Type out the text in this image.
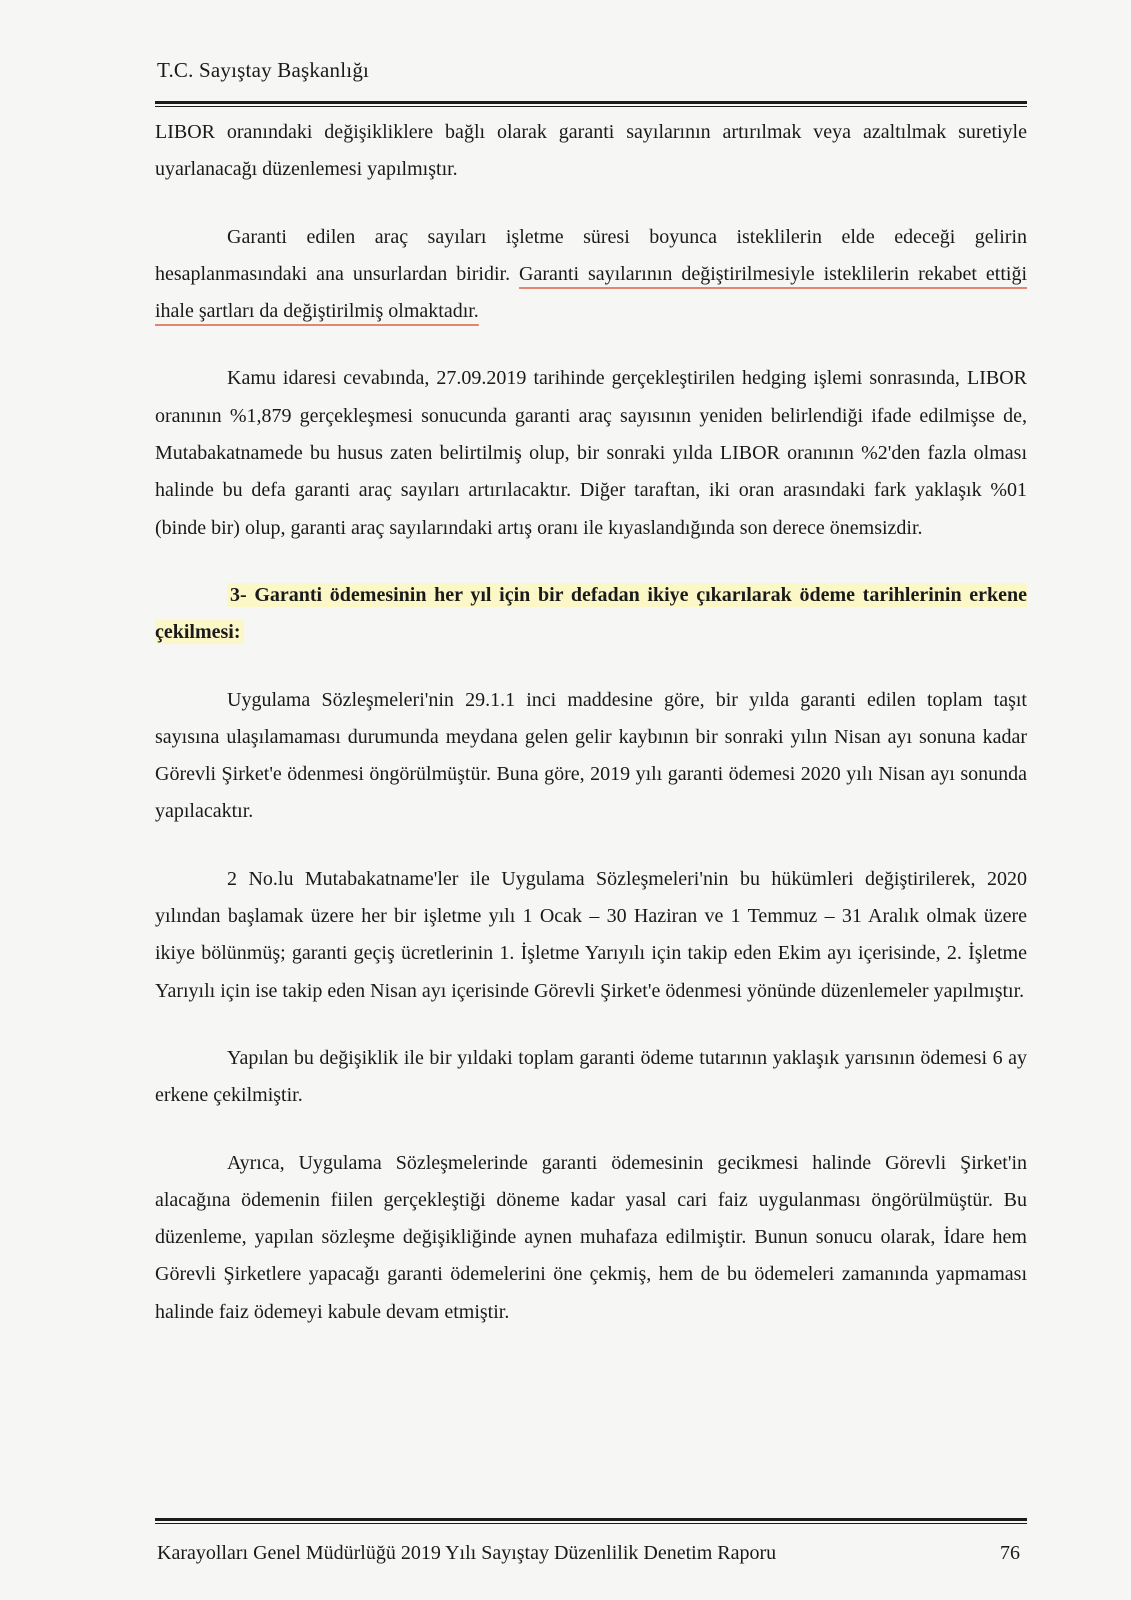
T.C. Sayıştay Başkanlığı

LIBOR oranındaki değişikliklere bağlı olarak garanti sayılarının artırılmak veya azaltılmak suretiyle uyarlanacağı düzenlemesi yapılmıştır.

Garanti edilen araç sayıları işletme süresi boyunca isteklilerin elde edeceği gelirin hesaplanmasındaki ana unsurlardan biridir. Garanti sayılarının değiştirilmesiyle isteklilerin rekabet ettiği ihale şartları da değiştirilmiş olmaktadır.

Kamu idaresi cevabında, 27.09.2019 tarihinde gerçekleştirilen hedging işlemi sonrasında, LIBOR oranının %1,879 gerçekleşmesi sonucunda garanti araç sayısının yeniden belirlendiği ifade edilmişse de, Mutabakatnamede bu husus zaten belirtilmiş olup, bir sonraki yılda LIBOR oranının %2'den fazla olması halinde bu defa garanti araç sayıları artırılacaktır. Diğer taraftan, iki oran arasındaki fark yaklaşık %01 (binde bir) olup, garanti araç sayılarındaki artış oranı ile kıyaslandığında son derece önemsizdir.

3- Garanti ödemesinin her yıl için bir defadan ikiye çıkarılarak ödeme tarihlerinin erkene çekilmesi:

Uygulama Sözleşmeleri'nin 29.1.1 inci maddesine göre, bir yılda garanti edilen toplam taşıt sayısına ulaşılamaması durumunda meydana gelen gelir kaybının bir sonraki yılın Nisan ayı sonuna kadar Görevli Şirket'e ödenmesi öngörülmüştür. Buna göre, 2019 yılı garanti ödemesi 2020 yılı Nisan ayı sonunda yapılacaktır.

2 No.lu Mutabakatname'ler ile Uygulama Sözleşmeleri'nin bu hükümleri değiştirilerek, 2020 yılından başlamak üzere her bir işletme yılı 1 Ocak – 30 Haziran ve 1 Temmuz – 31 Aralık olmak üzere ikiye bölünmüş; garanti geçiş ücretlerinin 1. İşletme Yarıyılı için takip eden Ekim ayı içerisinde, 2. İşletme Yarıyılı için ise takip eden Nisan ayı içerisinde Görevli Şirket'e ödenmesi yönünde düzenlemeler yapılmıştır.

Yapılan bu değişiklik ile bir yıldaki toplam garanti ödeme tutarının yaklaşık yarısının ödemesi 6 ay erkene çekilmiştir.

Ayrıca, Uygulama Sözleşmelerinde garanti ödemesinin gecikmesi halinde Görevli Şirket'in alacağına ödemenin fiilen gerçekleştiği döneme kadar yasal cari faiz uygulanması öngörülmüştür. Bu düzenleme, yapılan sözleşme değişikliğinde aynen muhafaza edilmiştir. Bunun sonucu olarak, İdare hem Görevli Şirketlere yapacağı garanti ödemelerini öne çekmiş, hem de bu ödemeleri zamanında yapmaması halinde faiz ödemeyi kabule devam etmiştir.

Karayolları Genel Müdürlüğü 2019 Yılı Sayıştay Düzenlilik Denetim Raporu	76
